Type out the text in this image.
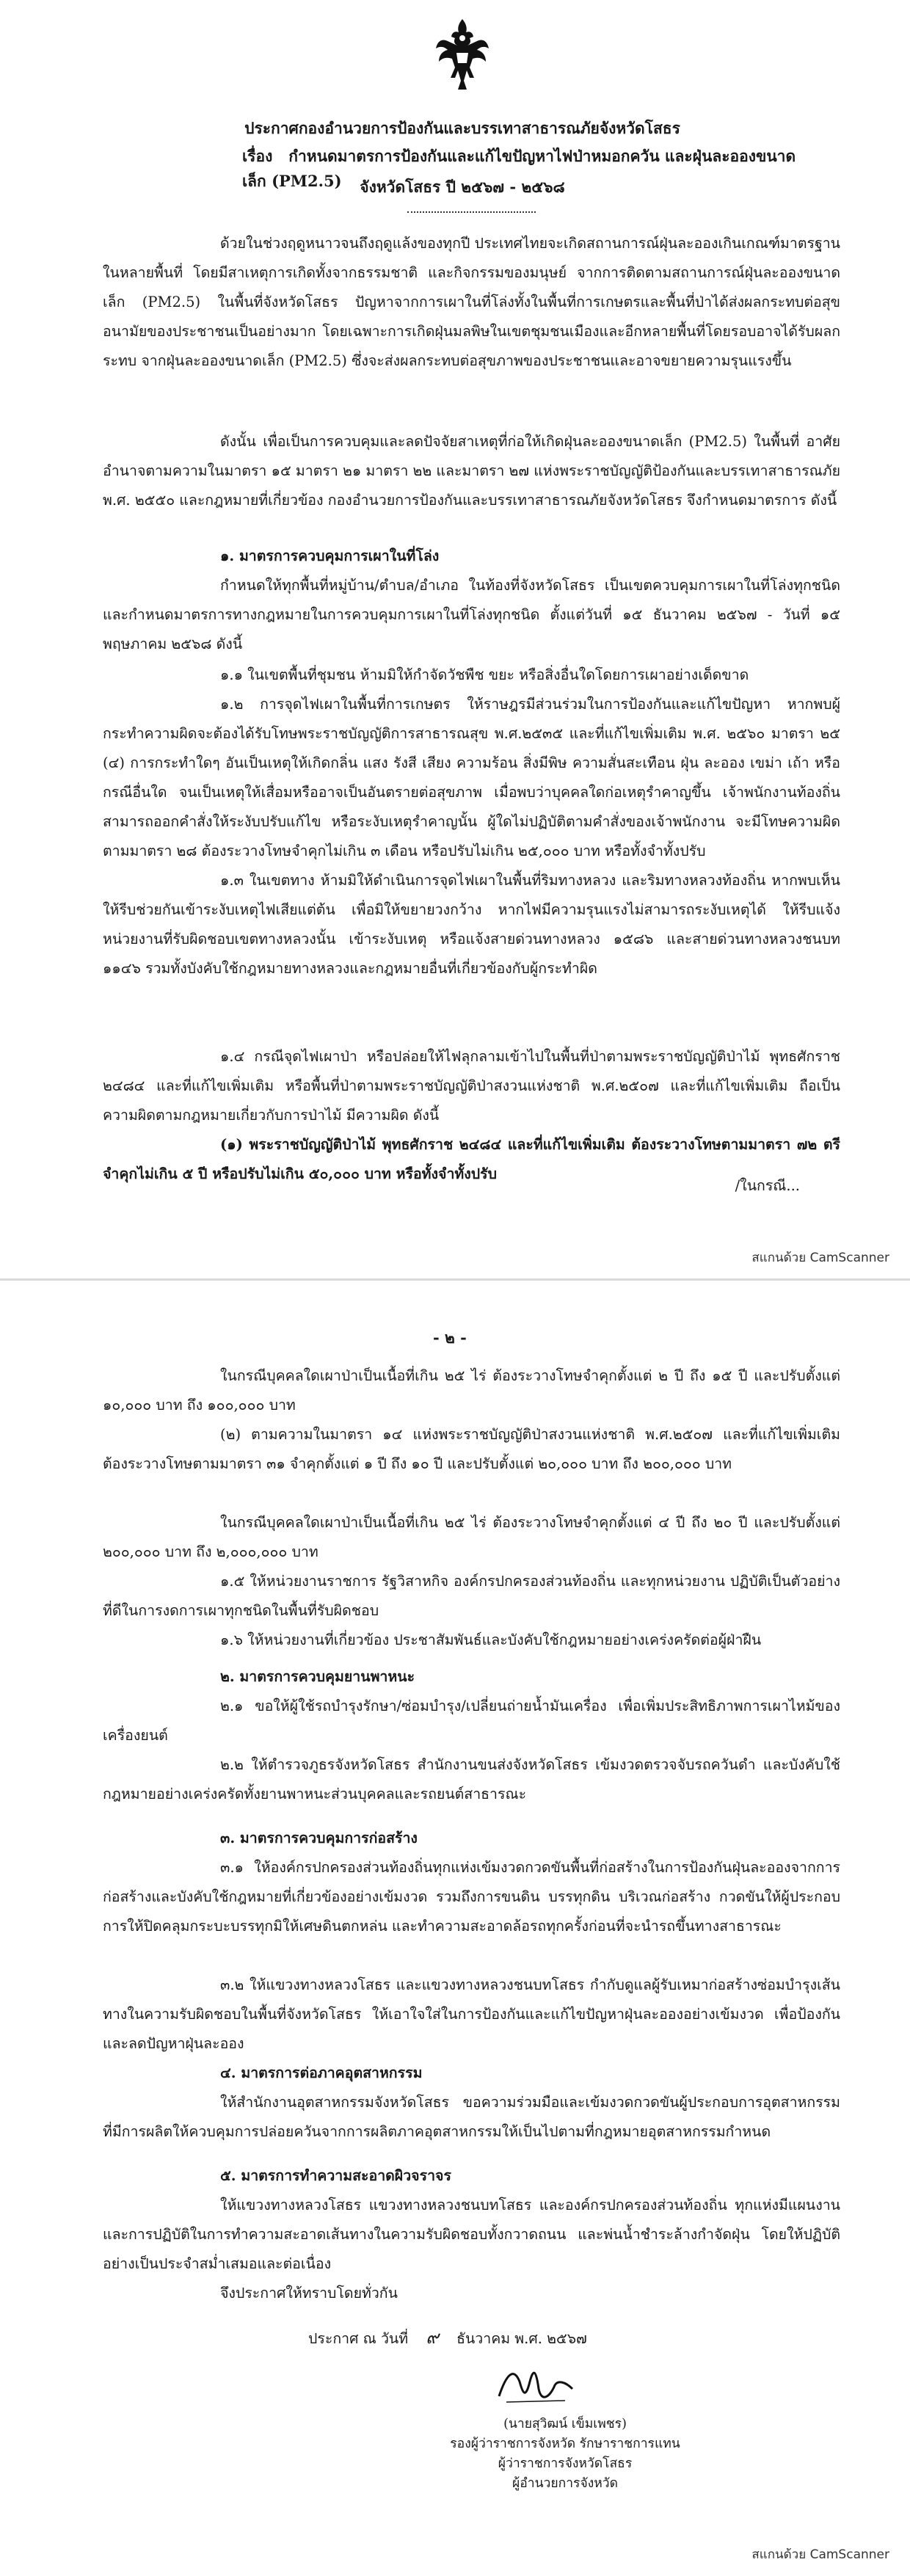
ประกาศกองอำนวยการป้องกันและบรรเทาสาธารณภัยจังหวัดโสธร
เรื่อง กำหนดมาตรการป้องกันและแก้ไขปัญหาไฟป่าหมอกควัน และฝุ่นละอองขนาดเล็ก (PM2.5)	จังหวัดโสธร ปี ๒๕๖๗ - ๒๕๖๘
ด้วยในช่วงฤดูหนาวจนถึงฤดูแล้งของทุกปี ประเทศไทยจะเกิดสถานการณ์ฝุ่นละอองเกินเกณฑ์มาตรฐานในหลายพื้นที่ โดยมีสาเหตุการเกิดทั้งจากธรรมชาติ และกิจกรรมของมนุษย์ จากการติดตามสถานการณ์ฝุ่นละอองขนาดเล็ก (PM2.5) ในพื้นที่จังหวัดโสธร ปัญหาจากการเผาในที่โล่งทั้งในพื้นที่การเกษตรและพื้นที่ป่าได้ส่งผลกระทบต่อสุขอนามัยของประชาชนเป็นอย่างมาก โดยเฉพาะการเกิดฝุ่นมลพิษในเขตชุมชนเมืองและอีกหลายพื้นที่โดยรอบอาจได้รับผลกระทบ จากฝุ่นละอองขนาดเล็ก (PM2.5) ซึ่งจะส่งผลกระทบต่อสุขภาพของประชาชนและอาจขยายความรุนแรงขึ้น
ดังนั้น เพื่อเป็นการควบคุมและลดปัจจัยสาเหตุที่ก่อให้เกิดฝุ่นละอองขนาดเล็ก (PM2.5) ในพื้นที่ อาศัยอำนาจตามความในมาตรา ๑๕ มาตรา ๒๑ มาตรา ๒๒ และมาตรา ๒๗ แห่งพระราชบัญญัติป้องกันและบรรเทาสาธารณภัย พ.ศ. ๒๕๕๐ และกฎหมายที่เกี่ยวข้อง กองอำนวยการป้องกันและบรรเทาสาธารณภัยจังหวัดโสธร จึงกำหนดมาตรการ ดังนี้
๑. มาตรการควบคุมการเผาในที่โล่ง
กำหนดให้ทุกพื้นที่หมู่บ้าน/ตำบล/อำเภอ ในท้องที่จังหวัดโสธร เป็นเขตควบคุมการเผาในที่โล่งทุกชนิด และกำหนดมาตรการทางกฎหมายในการควบคุมการเผาในที่โล่งทุกชนิด ตั้งแต่วันที่ ๑๕ ธันวาคม ๒๕๖๗ - วันที่ ๑๕ พฤษภาคม ๒๕๖๘ ดังนี้
๑.๑ ในเขตพื้นที่ชุมชน ห้ามมิให้กำจัดวัชพืช ขยะ หรือสิ่งอื่นใดโดยการเผาอย่างเด็ดขาด
๑.๒ การจุดไฟเผาในพื้นที่การเกษตร ให้ราษฎรมีส่วนร่วมในการป้องกันและแก้ไขปัญหา หากพบผู้กระทำความผิดจะต้องได้รับโทษพระราชบัญญัติการสาธารณสุข พ.ศ.๒๕๓๕ และที่แก้ไขเพิ่มเติม พ.ศ. ๒๕๖๐ มาตรา ๒๕ (๔) การกระทำใดๆ อันเป็นเหตุให้เกิดกลิ่น แสง รังสี เสียง ความร้อน สิ่งมีพิษ ความสั่นสะเทือน ฝุ่น ละออง เขม่า เถ้า หรือกรณีอื่นใด จนเป็นเหตุให้เสื่อมหรืออาจเป็นอันตรายต่อสุขภาพ เมื่อพบว่าบุคคลใดก่อเหตุรำคาญขึ้น เจ้าพนักงานท้องถิ่นสามารถออกคำสั่งให้ระงับปรับแก้ไข หรือระงับเหตุรำคาญนั้น ผู้ใดไม่ปฏิบัติตามคำสั่งของเจ้าพนักงาน จะมีโทษความผิดตามมาตรา ๒๘ ต้องระวางโทษจำคุกไม่เกิน ๓ เดือน หรือปรับไม่เกิน ๒๕,๐๐๐ บาท หรือทั้งจำทั้งปรับ
๑.๓ ในเขตทาง ห้ามมิให้ดำเนินการจุดไฟเผาในพื้นที่ริมทางหลวง และริมทางหลวงท้องถิ่น หากพบเห็นให้รีบช่วยกันเข้าระงับเหตุไฟเสียแต่ต้น เพื่อมิให้ขยายวงกว้าง หากไฟมีความรุนแรงไม่สามารถระงับเหตุได้ ให้รีบแจ้งหน่วยงานที่รับผิดชอบเขตทางหลวงนั้น เข้าระงับเหตุ หรือแจ้งสายด่วนทางหลวง ๑๕๘๖ และสายด่วนทางหลวงชนบท ๑๑๔๖ รวมทั้งบังคับใช้กฎหมายทางหลวงและกฎหมายอื่นที่เกี่ยวข้องกับผู้กระทำผิด
๑.๔ กรณีจุดไฟเผาป่า หรือปล่อยให้ไฟลุกลามเข้าไปในพื้นที่ป่าตามพระราชบัญญัติป่าไม้ พุทธศักราช ๒๔๘๔ และที่แก้ไขเพิ่มเติม หรือพื้นที่ป่าตามพระราชบัญญัติป่าสงวนแห่งชาติ พ.ศ.๒๕๐๗ และที่แก้ไขเพิ่มเติม ถือเป็นความผิดตามกฎหมายเกี่ยวกับการป่าไม้ มีความผิด ดังนี้
(๑) พระราชบัญญัติป่าไม้ พุทธศักราช ๒๔๘๔ และที่แก้ไขเพิ่มเติม ต้องระวางโทษตามมาตรา ๗๒ ตรี จำคุกไม่เกิน ๕ ปี หรือปรับไม่เกิน ๕๐,๐๐๐ บาท หรือทั้งจำทั้งปรับ
/ในกรณี...
สแกนด้วย CamScanner
- ๒ -
ในกรณีบุคคลใดเผาป่าเป็นเนื้อที่เกิน ๒๕ ไร่ ต้องระวางโทษจำคุกตั้งแต่ ๒ ปี ถึง ๑๕ ปี และปรับตั้งแต่ ๑๐,๐๐๐ บาท ถึง ๑๐๐,๐๐๐ บาท
(๒) ตามความในมาตรา ๑๔ แห่งพระราชบัญญัติป่าสงวนแห่งชาติ พ.ศ.๒๕๐๗ และที่แก้ไขเพิ่มเติม ต้องระวางโทษตามมาตรา ๓๑ จำคุกตั้งแต่ ๑ ปี ถึง ๑๐ ปี และปรับตั้งแต่ ๒๐,๐๐๐ บาท ถึง ๒๐๐,๐๐๐ บาท
ในกรณีบุคคลใดเผาป่าเป็นเนื้อที่เกิน ๒๕ ไร่ ต้องระวางโทษจำคุกตั้งแต่ ๔ ปี ถึง ๒๐ ปี และปรับตั้งแต่ ๒๐๐,๐๐๐ บาท ถึง ๒,๐๐๐,๐๐๐ บาท
๑.๕ ให้หน่วยงานราชการ รัฐวิสาหกิจ องค์กรปกครองส่วนท้องถิ่น และทุกหน่วยงาน ปฏิบัติเป็นตัวอย่างที่ดีในการงดการเผาทุกชนิดในพื้นที่รับผิดชอบ
๑.๖ ให้หน่วยงานที่เกี่ยวข้อง ประชาสัมพันธ์และบังคับใช้กฎหมายอย่างเคร่งครัดต่อผู้ฝ่าฝืน
๒. มาตรการควบคุมยานพาหนะ
๒.๑ ขอให้ผู้ใช้รถบำรุงรักษา/ซ่อมบำรุง/เปลี่ยนถ่ายน้ำมันเครื่อง เพื่อเพิ่มประสิทธิภาพการเผาไหม้ของเครื่องยนต์
๒.๒ ให้ตำรวจภูธรจังหวัดโสธร สำนักงานขนส่งจังหวัดโสธร เข้มงวดตรวจจับรถควันดำ และบังคับใช้กฎหมายอย่างเคร่งครัดทั้งยานพาหนะส่วนบุคคลและรถยนต์สาธารณะ
๓. มาตรการควบคุมการก่อสร้าง
๓.๑ ให้องค์กรปกครองส่วนท้องถิ่นทุกแห่งเข้มงวดกวดขันพื้นที่ก่อสร้างในการป้องกันฝุ่นละอองจากการก่อสร้างและบังคับใช้กฎหมายที่เกี่ยวข้องอย่างเข้มงวด รวมถึงการขนดิน บรรทุกดิน บริเวณก่อสร้าง กวดขันให้ผู้ประกอบการให้ปิดคลุมกระบะบรรทุกมิให้เศษดินตกหล่น และทำความสะอาดล้อรถทุกครั้งก่อนที่จะนำรถขึ้นทางสาธารณะ
๓.๒ ให้แขวงทางหลวงโสธร และแขวงทางหลวงชนบทโสธร กำกับดูแลผู้รับเหมาก่อสร้างซ่อมบำรุงเส้นทางในความรับผิดชอบในพื้นที่จังหวัดโสธร ให้เอาใจใส่ในการป้องกันและแก้ไขปัญหาฝุ่นละอองอย่างเข้มงวด เพื่อป้องกันและลดปัญหาฝุ่นละออง
๔. มาตรการต่อภาคอุตสาหกรรม
ให้สำนักงานอุตสาหกรรมจังหวัดโสธร ขอความร่วมมือและเข้มงวดกวดขันผู้ประกอบการอุตสาหกรรมที่มีการผลิตให้ควบคุมการปล่อยควันจากการผลิตภาคอุตสาหกรรมให้เป็นไปตามที่กฎหมายอุตสาหกรรมกำหนด
๕. มาตรการทำความสะอาดผิวจราจร
ให้แขวงทางหลวงโสธร แขวงทางหลวงชนบทโสธร และองค์กรปกครองส่วนท้องถิ่น ทุกแห่งมีแผนงานและการปฏิบัติในการทำความสะอาดเส้นทางในความรับผิดชอบทั้งกวาดถนน และพ่นน้ำชำระล้างกำจัดฝุ่น โดยให้ปฏิบัติอย่างเป็นประจำสม่ำเสมอและต่อเนื่อง
จึงประกาศให้ทราบโดยทั่วกัน
ประกาศ ณ วันที่ ๙ ธันวาคม พ.ศ. ๒๕๖๗
(นายสุวิฒน์ เข็มเพชร)
รองผู้ว่าราชการจังหวัด รักษาราชการแทน
ผู้ว่าราชการจังหวัดโสธร
ผู้อำนวยการจังหวัด
สแกนด้วย CamScanner
